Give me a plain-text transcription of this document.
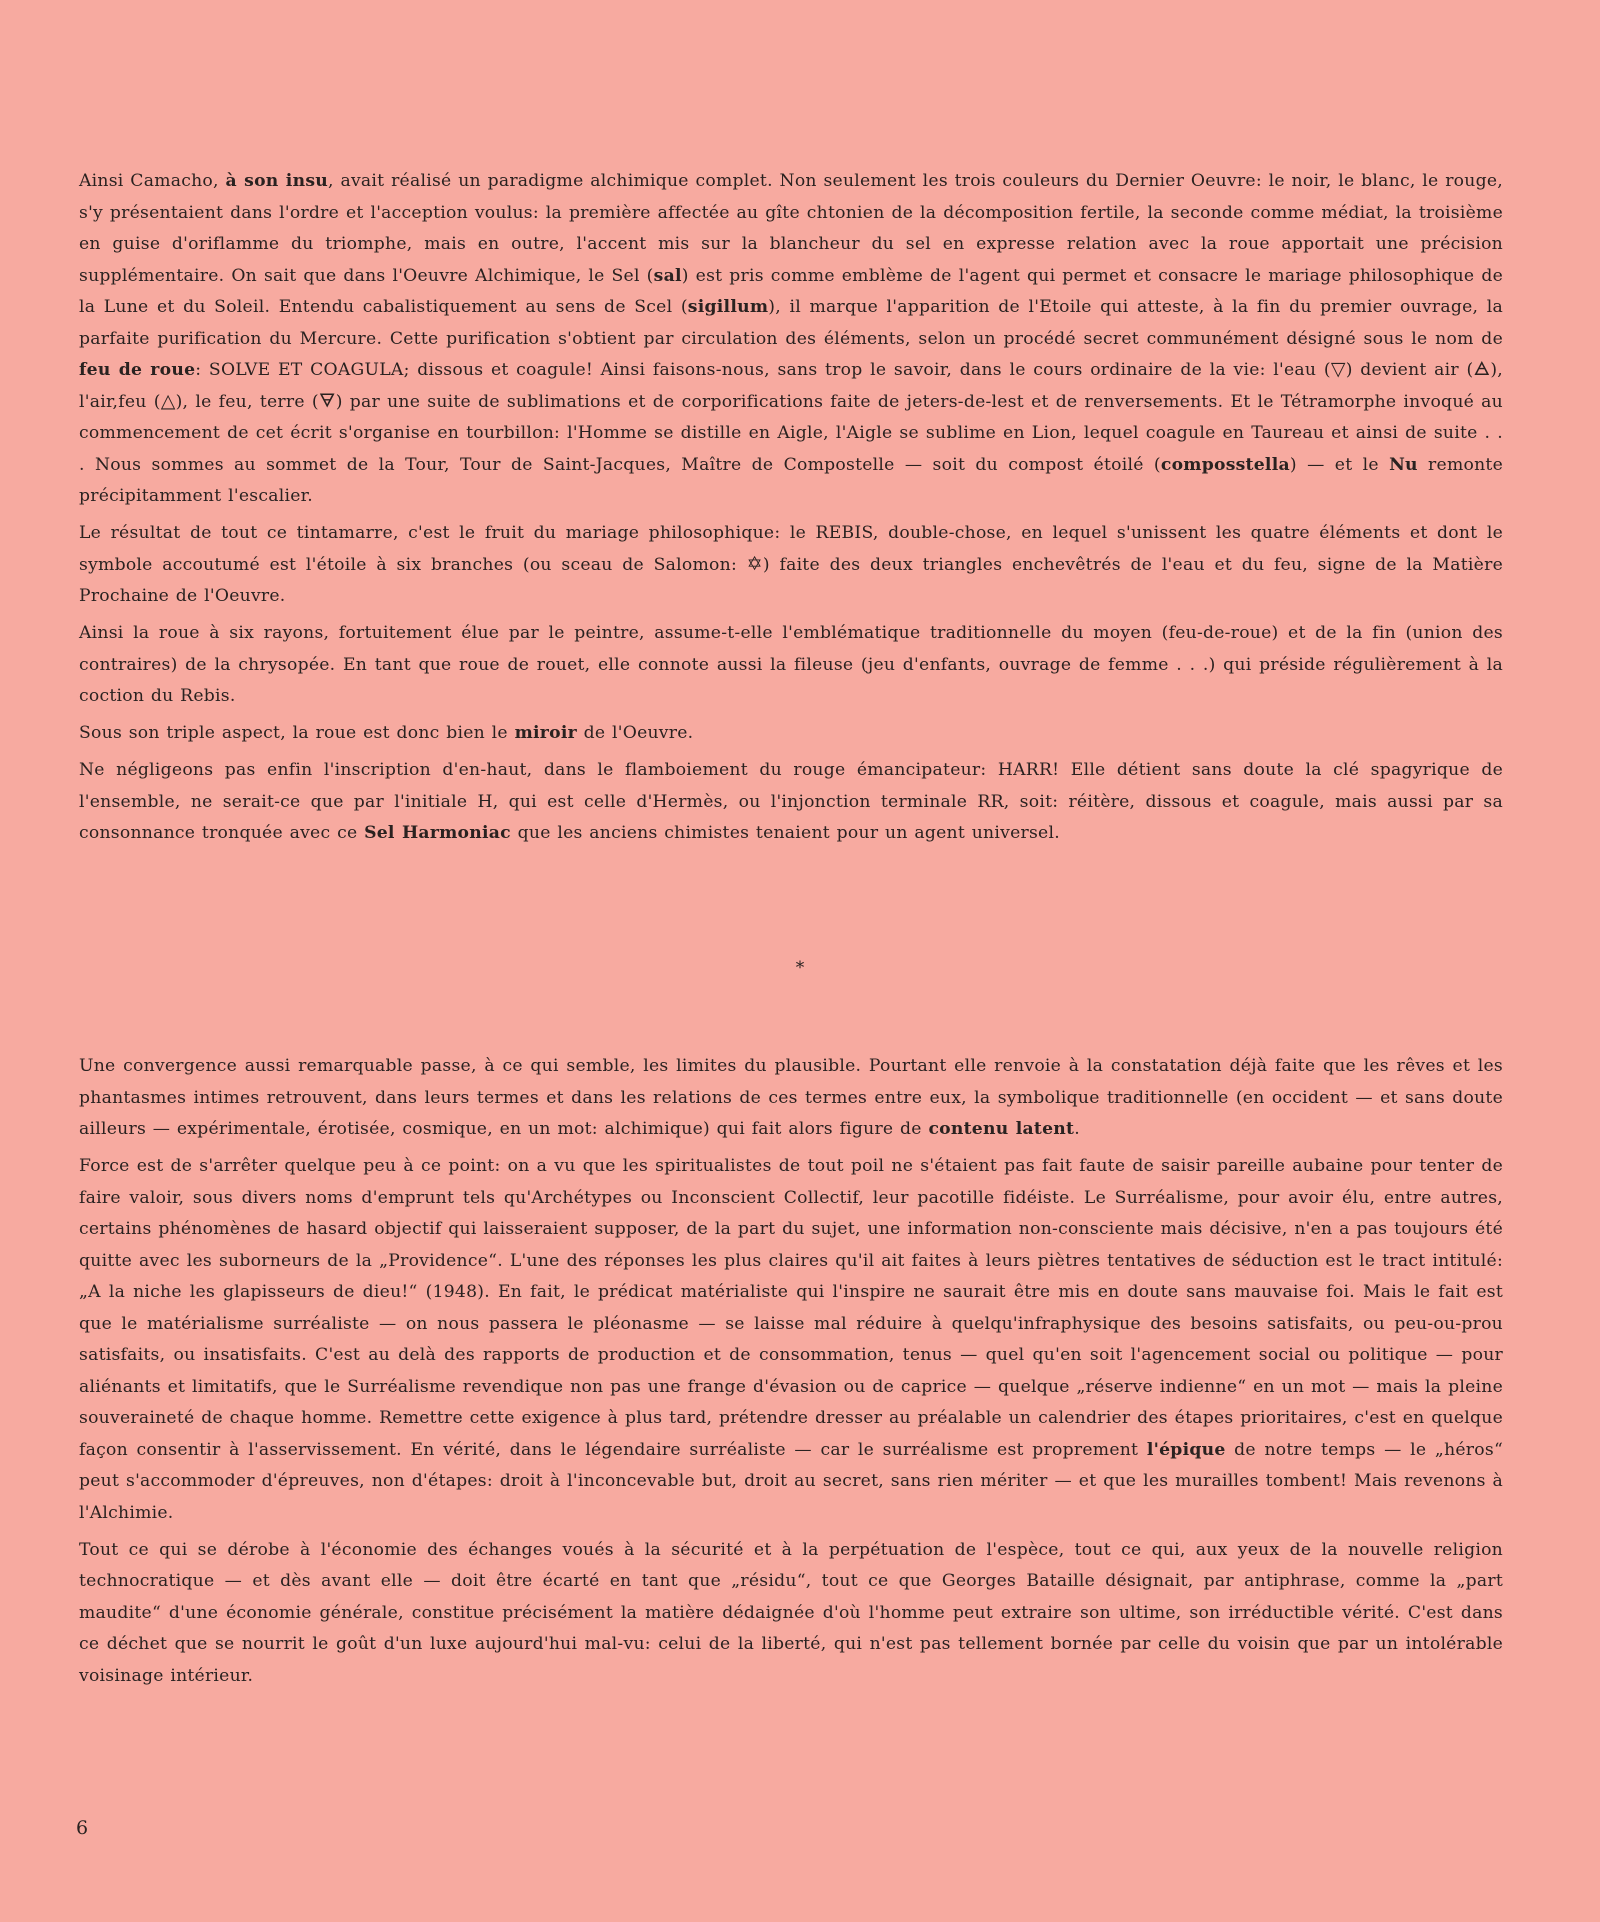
Ainsi Camacho, à son insu, avait réalisé un paradigme alchimique complet. Non seulement les trois couleurs du Dernier Oeuvre: le noir, le blanc, le rouge, s'y présentaient dans l'ordre et l'acception voulus: la première affectée au gîte chtonien de la décomposition fertile, la seconde comme médiat, la troisième en guise d'oriflamme du triomphe, mais en outre, l'accent mis sur la blancheur du sel en expresse relation avec la roue apportait une précision supplémentaire. On sait que dans l'Oeuvre Alchimique, le Sel (sal) est pris comme emblème de l'agent qui permet et consacre le mariage philosophique de la Lune et du Soleil. Entendu cabalistiquement au sens de Scel (sigillum), il marque l'apparition de l'Etoile qui atteste, à la fin du premier ouvrage, la parfaite purification du Mercure. Cette purification s'obtient par circulation des éléments, selon un procédé secret communément désigné sous le nom de feu de roue: SOLVE ET COAGULA; dissous et coagule! Ainsi faisons-nous, sans trop le savoir, dans le cours ordinaire de la vie: l'eau (▽) devient air (🜁), l'air,feu (△), le feu, terre (🜃) par une suite de sublimations et de corporifications faite de jeters-de-lest et de renversements. Et le Tétramorphe invoqué au commencement de cet écrit s'organise en tourbillon: l'Homme se distille en Aigle, l'Aigle se sublime en Lion, lequel coagule en Taureau et ainsi de suite . . . Nous sommes au sommet de la Tour, Tour de Saint-Jacques, Maître de Compostelle — soit du compost étoilé (composstella) — et le Nu remonte précipitamment l'escalier.

Le résultat de tout ce tintamarre, c'est le fruit du mariage philosophique: le REBIS, double-chose, en lequel s'unissent les quatre éléments et dont le symbole accoutumé est l'étoile à six branches (ou sceau de Salomon: ✡) faite des deux triangles enchevêtrés de l'eau et du feu, signe de la Matière Prochaine de l'Oeuvre.

Ainsi la roue à six rayons, fortuitement élue par le peintre, assume-t-elle l'emblématique traditionnelle du moyen (feu-de-roue) et de la fin (union des contraires) de la chrysopée. En tant que roue de rouet, elle connote aussi la fileuse (jeu d'enfants, ouvrage de femme . . .) qui préside régulièrement à la coction du Rebis.

Sous son triple aspect, la roue est donc bien le miroir de l'Oeuvre.

Ne négligeons pas enfin l'inscription d'en-haut, dans le flamboiement du rouge émancipateur: HARR! Elle détient sans doute la clé spagyrique de l'ensemble, ne serait-ce que par l'initiale H, qui est celle d'Hermès, ou l'injonction terminale RR, soit: réitère, dissous et coagule, mais aussi par sa consonnance tronquée avec ce Sel Harmoniac que les anciens chimistes tenaient pour un agent universel.

*

Une convergence aussi remarquable passe, à ce qui semble, les limites du plausible. Pourtant elle renvoie à la constatation déjà faite que les rêves et les phantasmes intimes retrouvent, dans leurs termes et dans les relations de ces termes entre eux, la symbolique traditionnelle (en occident — et sans doute ailleurs — expérimentale, érotisée, cosmique, en un mot: alchimique) qui fait alors figure de contenu latent.

Force est de s'arrêter quelque peu à ce point: on a vu que les spiritualistes de tout poil ne s'étaient pas fait faute de saisir pareille aubaine pour tenter de faire valoir, sous divers noms d'emprunt tels qu'Archétypes ou Inconscient Collectif, leur pacotille fidéiste. Le Surréalisme, pour avoir élu, entre autres, certains phénomènes de hasard objectif qui laisseraient supposer, de la part du sujet, une information non-consciente mais décisive, n'en a pas toujours été quitte avec les suborneurs de la „Providence“. L'une des réponses les plus claires qu'il ait faites à leurs piètres tentatives de séduction est le tract intitulé: „A la niche les glapisseurs de dieu!“ (1948). En fait, le prédicat matérialiste qui l'inspire ne saurait être mis en doute sans mauvaise foi. Mais le fait est que le matérialisme surréaliste — on nous passera le pléonasme — se laisse mal réduire à quelqu'infraphysique des besoins satisfaits, ou peu-ou-prou satisfaits, ou insatisfaits. C'est au delà des rapports de production et de consommation, tenus — quel qu'en soit l'agencement social ou politique — pour aliénants et limitatifs, que le Surréalisme revendique non pas une frange d'évasion ou de caprice — quelque „réserve indienne“ en un mot — mais la pleine souveraineté de chaque homme. Remettre cette exigence à plus tard, prétendre dresser au préalable un calendrier des étapes prioritaires, c'est en quelque façon consentir à l'asservissement. En vérité, dans le légendaire surréaliste — car le surréalisme est proprement l'épique de notre temps — le „héros“ peut s'accommoder d'épreuves, non d'étapes: droit à l'inconcevable but, droit au secret, sans rien mériter — et que les murailles tombent! Mais revenons à l'Alchimie.

Tout ce qui se dérobe à l'économie des échanges voués à la sécurité et à la perpétuation de l'espèce, tout ce qui, aux yeux de la nouvelle religion technocratique — et dès avant elle — doit être écarté en tant que „résidu“, tout ce que Georges Bataille désignait, par antiphrase, comme la „part maudite“ d'une économie générale, constitue précisément la matière dédaignée d'où l'homme peut extraire son ultime, son irréductible vérité. C'est dans ce déchet que se nourrit le goût d'un luxe aujourd'hui mal-vu: celui de la liberté, qui n'est pas tellement bornée par celle du voisin que par un intolérable voisinage intérieur.

6
